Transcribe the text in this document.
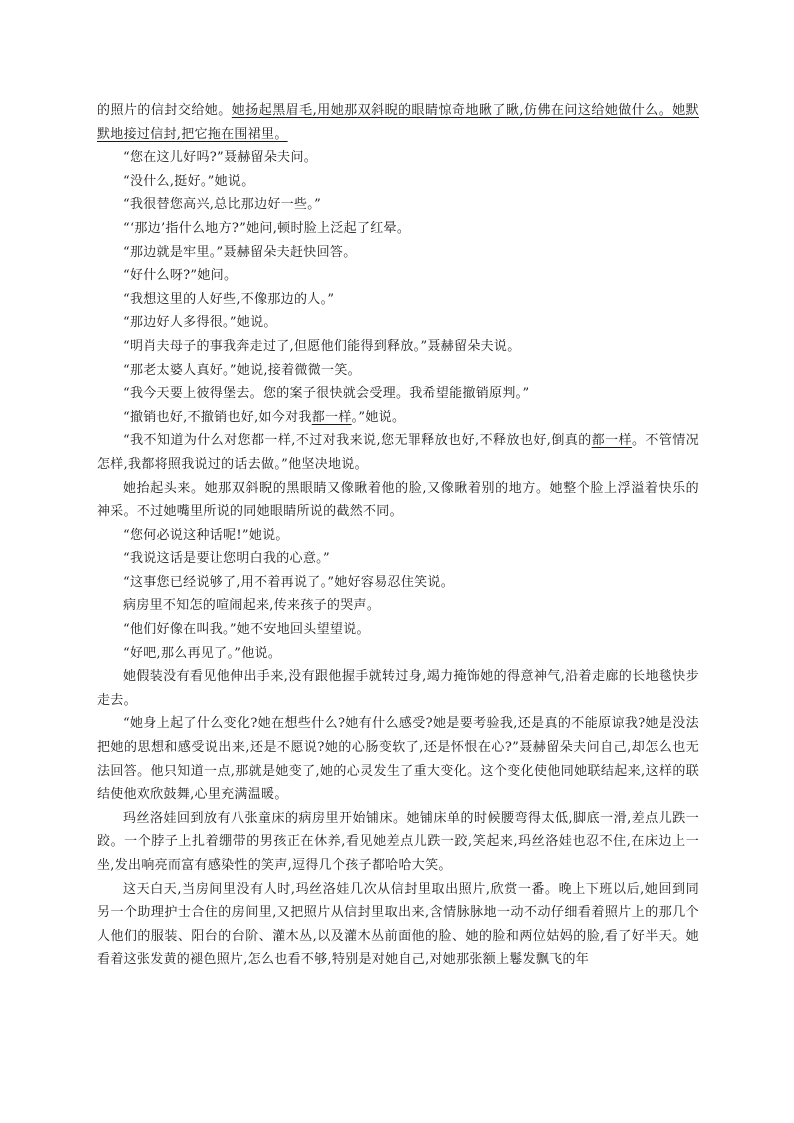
的照片的信封交给她。她扬起黑眉毛,用她那双斜睨的眼睛惊奇地瞅了瞅,仿佛在问这给她做什么。她默默地接过信封,把它拖在围裙里。

“您在这儿好吗?”聂赫留朵夫问。

“没什么,挺好。”她说。

“我很替您高兴,总比那边好一些。”

“‘那边’指什么地方?”她问,顿时脸上泛起了红晕。

“那边就是牢里。”聂赫留朵夫赶快回答。

“好什么呀?”她问。

“我想这里的人好些,不像那边的人。”

“那边好人多得很。”她说。

“明肖夫母子的事我奔走过了,但愿他们能得到释放。”聂赫留朵夫说。

“那老太婆人真好。”她说,接着微微一笑。

“我今天要上彼得堡去。您的案子很快就会受理。我希望能撤销原判。”

“撤销也好,不撤销也好,如今对我都一样。”她说。

“我不知道为什么对您都一样,不过对我来说,您无罪释放也好,不释放也好,倒真的都一样。不管情况怎样,我都将照我说过的话去做。”他坚决地说。

她抬起头来。她那双斜睨的黑眼睛又像瞅着他的脸,又像瞅着别的地方。她整个脸上浮溢着快乐的神采。不过她嘴里所说的同她眼睛所说的截然不同。

“您何必说这种话呢!”她说。

“我说这话是要让您明白我的心意。”

“这事您已经说够了,用不着再说了。”她好容易忍住笑说。

病房里不知怎的喧闹起来,传来孩子的哭声。

“他们好像在叫我。”她不安地回头望望说。

“好吧,那么再见了。”他说。

她假装没有看见他伸出手来,没有跟他握手就转过身,竭力掩饰她的得意神气,沿着走廊的长地毯快步走去。

“她身上起了什么变化?她在想些什么?她有什么感受?她是要考验我,还是真的不能原谅我?她是没法把她的思想和感受说出来,还是不愿说?她的心肠变软了,还是怀恨在心?”聂赫留朵夫问自己,却怎么也无法回答。他只知道一点,那就是她变了,她的心灵发生了重大变化。这个变化使他同她联结起来,这样的联结使他欢欣鼓舞,心里充满温暖。

玛丝洛娃回到放有八张童床的病房里开始铺床。她铺床单的时候腰弯得太低,脚底一滑,差点儿跌一跤。一个脖子上扎着绷带的男孩正在休养,看见她差点儿跌一跤,笑起来,玛丝洛娃也忍不住,在床边上一坐,发出响亮而富有感染性的笑声,逗得几个孩子都哈哈大笑。

这天白天,当房间里没有人时,玛丝洛娃几次从信封里取出照片,欣赏一番。晚上下班以后,她回到同另一个助理护士合住的房间里,又把照片从信封里取出来,含情脉脉地一动不动仔细看着照片上的那几个人他们的服装、阳台的台阶、灌木丛,以及灌木丛前面他的脸、她的脸和两位姑妈的脸,看了好半天。她看着这张发黄的褪色照片,怎么也看不够,特别是对她自己,对她那张额上鬈发飘飞的年
